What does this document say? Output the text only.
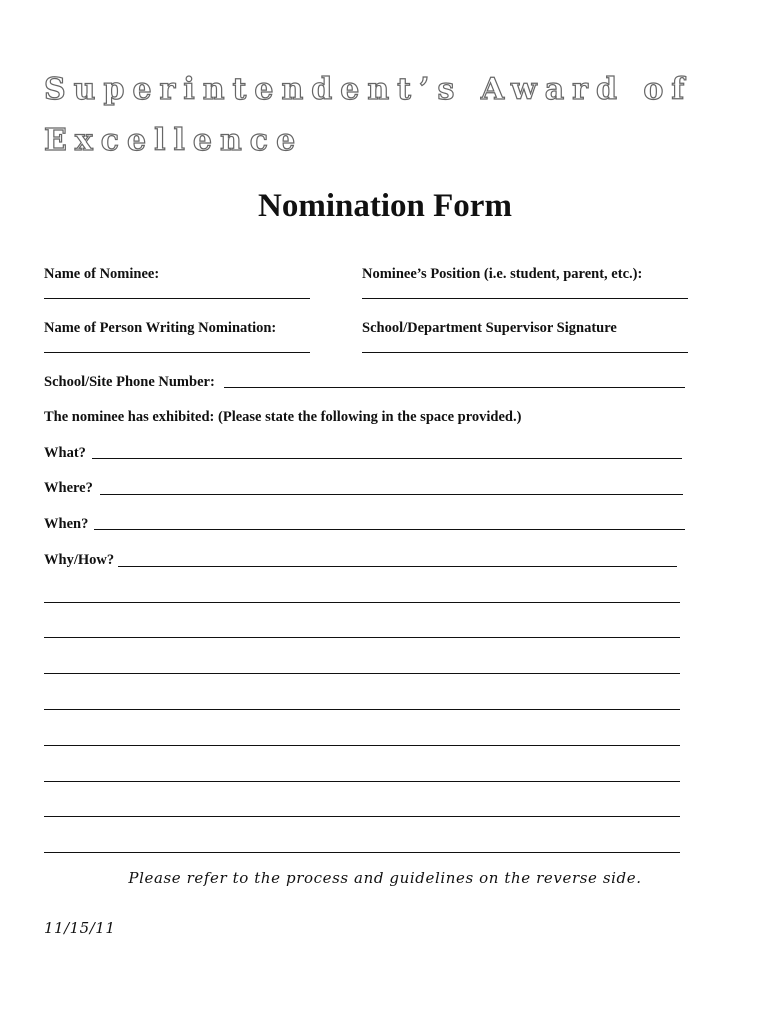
Superintendent’s Award of
Excellence
Nomination Form
Name of Nominee:	Nominee’s Position (i.e. student, parent, etc.):
Name of Person Writing Nomination:	School/Department Supervisor Signature
School/Site Phone Number:
The nominee has exhibited: (Please state the following in the space provided.)
What?
Where?
When?
Why/How?
Please refer to the process and guidelines on the reverse side.
11/15/11
